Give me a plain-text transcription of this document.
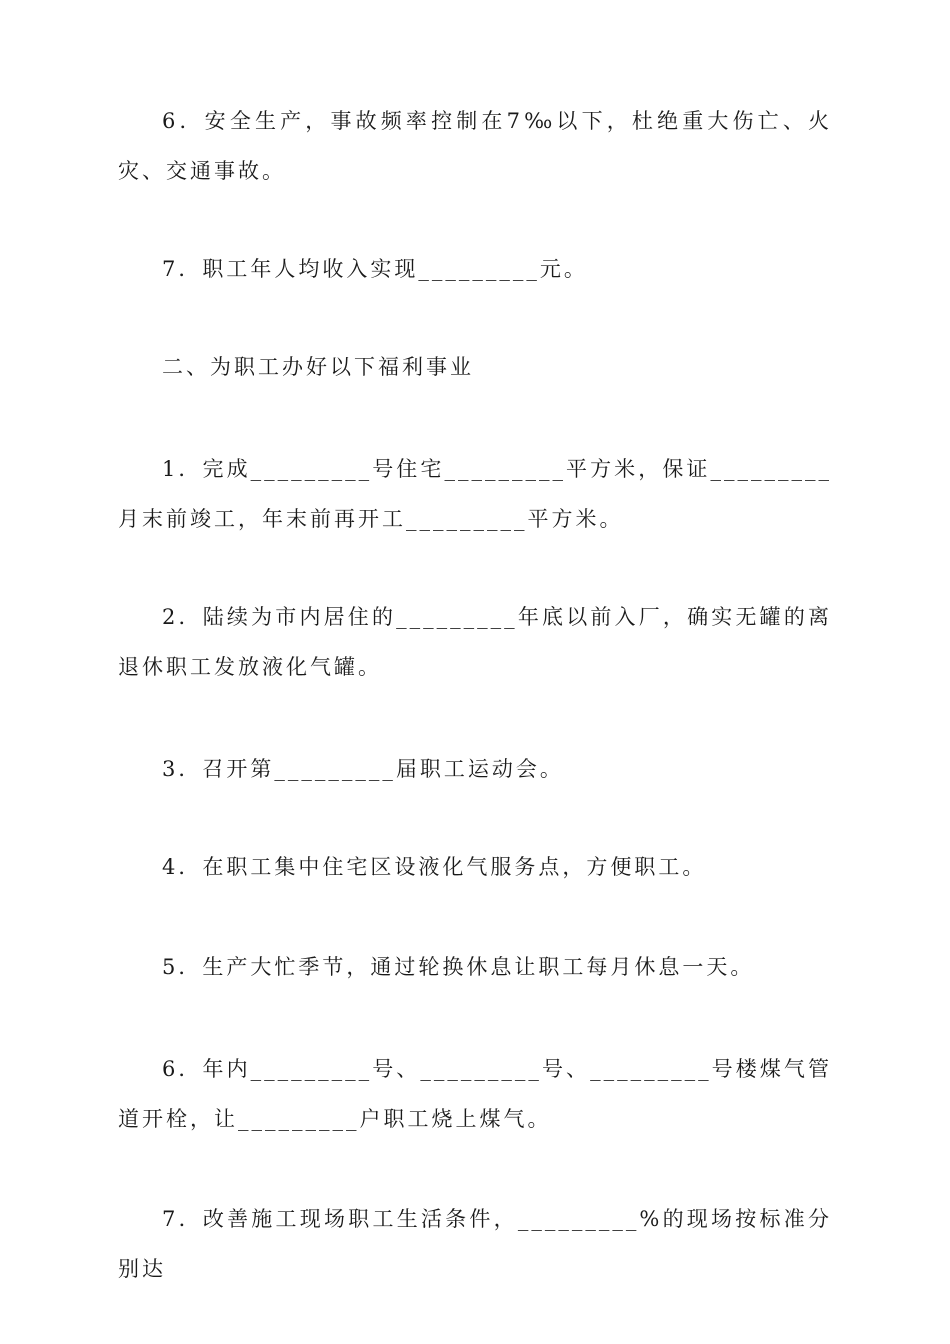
6．安全生产，事故频率控制在7‰以下，杜绝重大伤亡、火灾、交通事故。

7．职工年人均收入实现_________元。

二、为职工办好以下福利事业

1．完成_________号住宅_________平方米，保证_________月末前竣工，年末前再开工_________平方米。

2．陆续为市内居住的_________年底以前入厂，确实无罐的离退休职工发放液化气罐。

3．召开第_________届职工运动会。

4．在职工集中住宅区设液化气服务点，方便职工。

5．生产大忙季节，通过轮换休息让职工每月休息一天。

6．年内_________号、_________号、_________号楼煤气管道开栓，让_________户职工烧上煤气。

7．改善施工现场职工生活条件，_________%的现场按标准分别达
